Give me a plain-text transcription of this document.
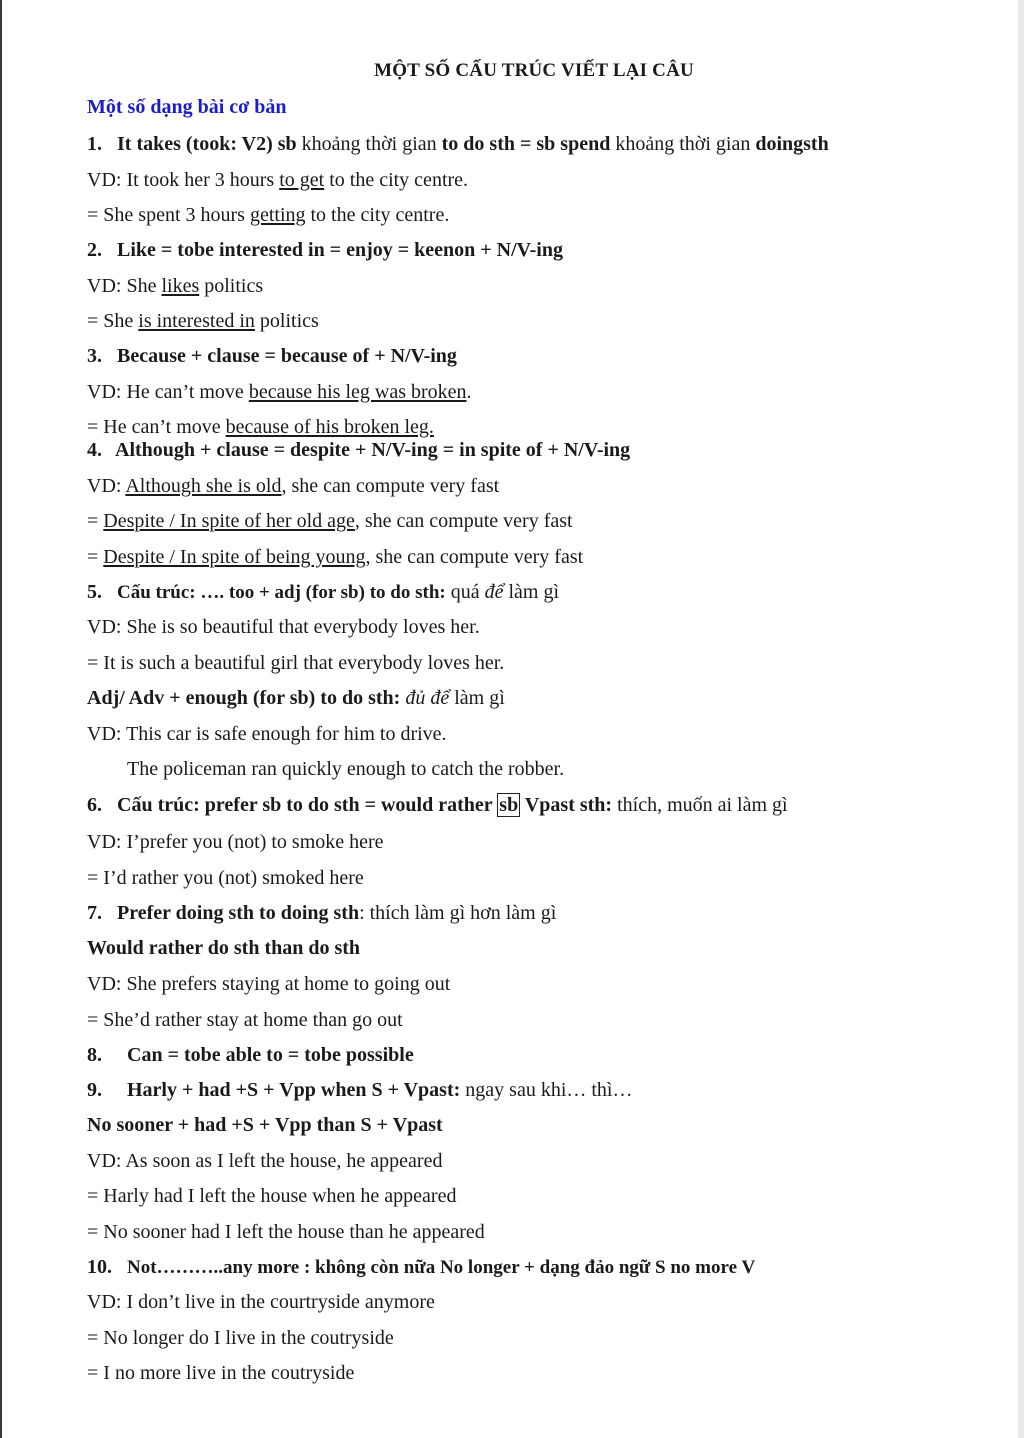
MỘT SỐ CẤU TRÚC VIẾT LẠI CÂU
Một số dạng bài cơ bản
1. It takes (took: V2) sb khoảng thời gian to do sth = sb spend khoảng thời gian doingsth
VD: It took her 3 hours to get to the city centre.
= She spent 3 hours getting to the city centre.
2. Like = tobe interested in = enjoy = keenon + N/V-ing
VD: She likes politics
= She is interested in politics
3. Because + clause = because of + N/V-ing
VD: He can’t move because his leg was broken.
= He can’t move because of his broken leg.
4. Although + clause = despite + N/V-ing = in spite of + N/V-ing
VD: Although she is old, she can compute very fast
= Despite / In spite of her old age, she can compute very fast
= Despite / In spite of being young, she can compute very fast
5. Cấu trúc: …. too + adj (for sb) to do sth: quá để làm gì
VD: She is so beautiful that everybody loves her.
= It is such a beautiful girl that everybody loves her.
Adj/ Adv + enough (for sb) to do sth: đủ để làm gì
VD: This car is safe enough for him to drive.
The policeman ran quickly enough to catch the robber.
6. Cấu trúc: prefer sb to do sth = would rather sb Vpast sth: thích, muốn ai làm gì
VD: I’prefer you (not) to smoke here
= I’d rather you (not) smoked here
7. Prefer doing sth to doing sth: thích làm gì hơn làm gì
Would rather do sth than do sth
VD: She prefers staying at home to going out
= She’d rather stay at home than go out
8. Can = tobe able to = tobe possible
9. Harly + had +S + Vpp when S + Vpast: ngay sau khi… thì…
No sooner + had +S + Vpp than S + Vpast
VD: As soon as I left the house, he appeared
= Harly had I left the house when he appeared
= No sooner had I left the house than he appeared
10. Not………..any more : không còn nữa No longer + dạng đảo ngữ S no more V
VD: I don’t live in the courtryside anymore
= No longer do I live in the coutryside
= I no more live in the coutryside
